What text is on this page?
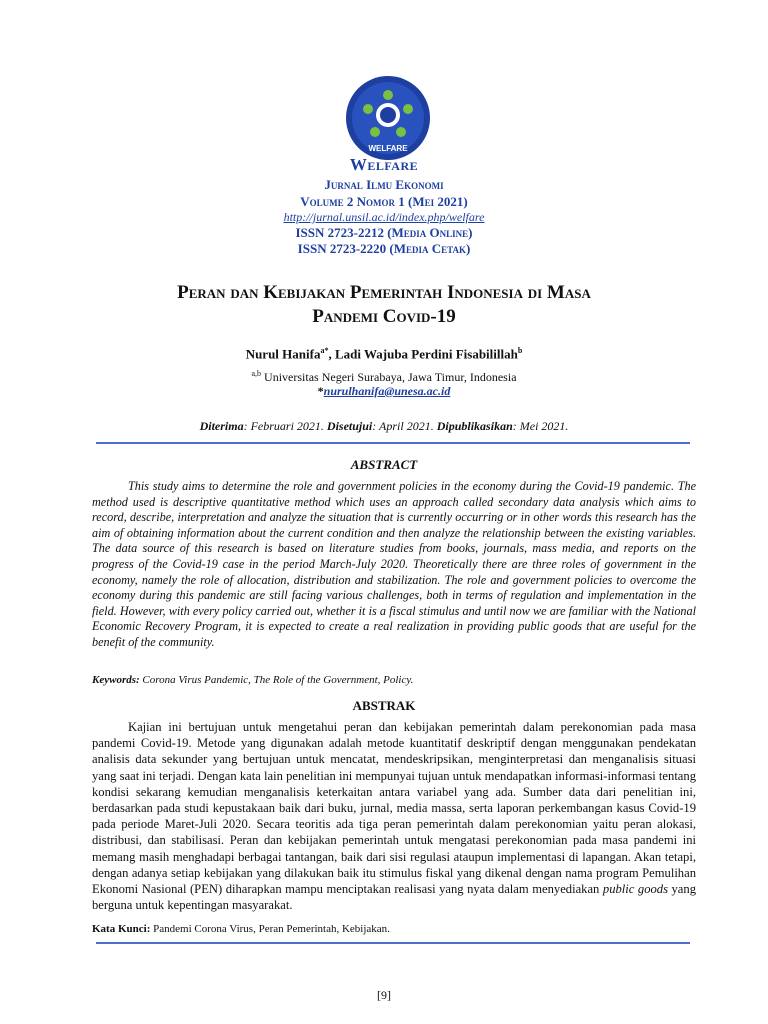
WELFARE
Welfare
Jurnal Ilmu Ekonomi
Volume 2 Nomor 1 (Mei 2021)
http://jurnal.unsil.ac.id/index.php/welfare
ISSN 2723-2212 (Media Online)
ISSN 2723-2220 (Media Cetak)
Peran dan Kebijakan Pemerintah Indonesia di Masa
Pandemi Covid-19
Nurul Hanifa$^{a*}$, Ladi Wajuba Perdini Fisabilillah$^b$
$^{a,b}$ Universitas Negeri Surabaya, Jawa Timur, Indonesia
*nurulhanifa@unesa.ac.id
Diterima: Februari 2021. Disetujui: April 2021. Dipublikasikan: Mei 2021.
ABSTRACT

This study aims to determine the role and government policies in the economy during the Covid-19 pandemic. The method used is descriptive quantitative method which uses an approach called secondary data analysis which aims to record, describe, interpretation and analyze the situation that is currently occurring or in other words this research has the aim of obtaining information about the current condition and then analyze the relationship between the existing variables. The data source of this research is based on literature studies from books, journals, mass media, and reports on the progress of the Covid-19 case in the period March-July 2020. Theoretically there are three roles of government in the economy, namely the role of allocation, distribution and stabilization. The role and government policies to overcome the economy during this pandemic are still facing various challenges, both in terms of regulation and implementation in the field. However, with every policy carried out, whether it is a fiscal stimulus and until now we are familiar with the National Economic Recovery Program, it is expected to create a real realization in providing public goods that are useful for the benefit of the community.

Keywords: Corona Virus Pandemic, The Role of the Government, Policy.
ABSTRAK

Kajian ini bertujuan untuk mengetahui peran dan kebijakan pemerintah dalam perekonomian pada masa pandemi Covid-19. Metode yang digunakan adalah metode kuantitatif deskriptif dengan menggunakan pendekatan analisis data sekunder yang bertujuan untuk mencatat, mendeskripsikan, menginterpretasi dan menganalisis situasi yang saat ini terjadi. Dengan kata lain penelitian ini mempunyai tujuan untuk mendapatkan informasi-informasi tentang kondisi sekarang kemudian menganalisis keterkaitan antara variabel yang ada. Sumber data dari penelitian ini, berdasarkan pada studi kepustakaan baik dari buku, jurnal, media massa, serta laporan perkembangan kasus Covid-19 pada periode Maret-Juli 2020. Secara teoritis ada tiga peran pemerintah dalam perekonomian yaitu peran alokasi, distribusi, dan stabilisasi. Peran dan kebijakan pemerintah untuk mengatasi perekonomian pada masa pandemi ini memang masih menghadapi berbagai tantangan, baik dari sisi regulasi ataupun implementasi di lapangan. Akan tetapi, dengan adanya setiap kebijakan yang dilakukan baik itu stimulus fiskal yang dikenal dengan nama program Pemulihan Ekonomi Nasional (PEN) diharapkan mampu menciptakan realisasi yang nyata dalam menyediakan public goods yang berguna untuk kepentingan masyarakat.

Kata Kunci: Pandemi Corona Virus, Peran Pemerintah, Kebijakan.
[9]
